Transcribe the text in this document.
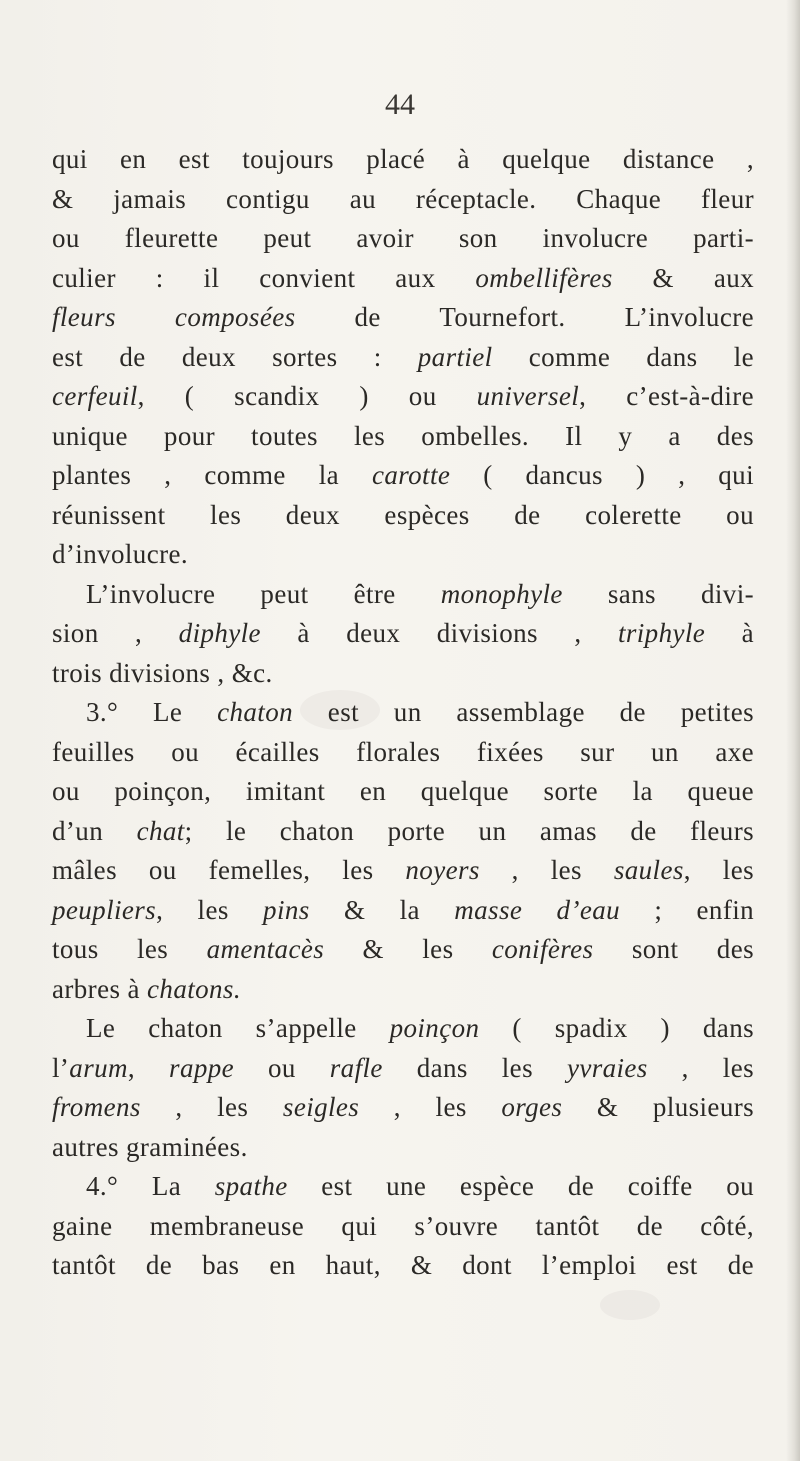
44
qui en est toujours placé à quelque distance ,
& jamais contigu au réceptacle. Chaque fleur
ou fleurette peut avoir son involucre parti-
culier : il convient aux ombellifères & aux
fleurs composées de Tournefort. L’involucre
est de deux sortes : partiel comme dans le
cerfeuil, ( scandix ) ou universel, c’est-à-dire
unique pour toutes les ombelles. Il y a des
plantes , comme la carotte ( dancus ) , qui
réunissent les deux espèces de colerette ou
d’involucre.
L’involucre peut être monophyle sans divi-
sion , diphyle à deux divisions , triphyle à
trois divisions , &c.
3.° Le chaton est un assemblage de petites
feuilles ou écailles florales fixées sur un axe
ou poinçon, imitant en quelque sorte la queue
d’un chat; le chaton porte un amas de fleurs
mâles ou femelles, les noyers , les saules, les
peupliers, les pins & la masse d’eau ; enfin
tous les amentacès & les conifères sont des
arbres à chatons.
Le chaton s’appelle poinçon ( spadix ) dans
l’arum, rappe ou rafle dans les yvraies , les
fromens , les seigles , les orges & plusieurs
autres graminées.
4.° La spathe est une espèce de coiffe ou
gaine membraneuse qui s’ouvre tantôt de côté,
tantôt de bas en haut, & dont l’emploi est de
